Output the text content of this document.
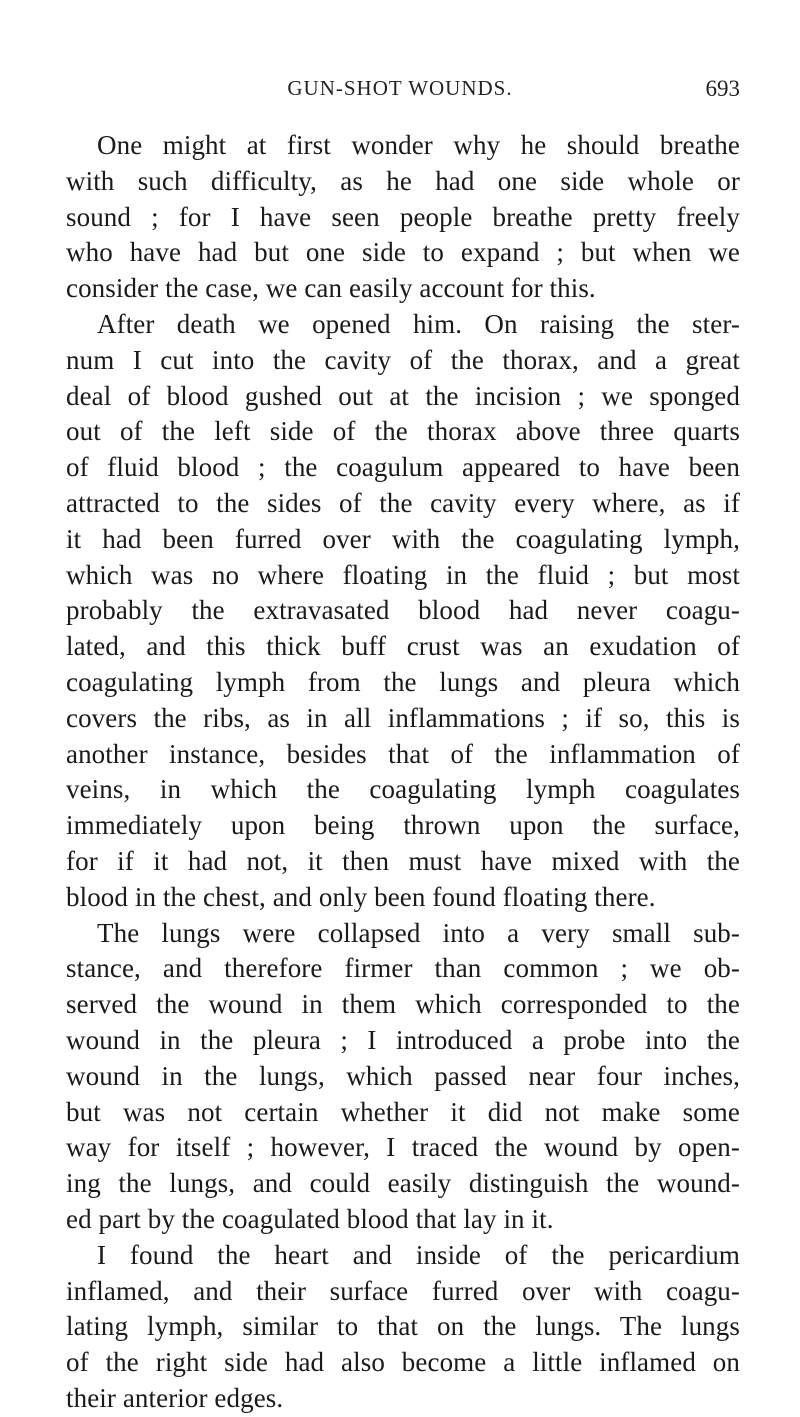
GUN-SHOT WOUNDS.	693
One might at first wonder why he should breathe
with such difficulty, as he had one side whole or
sound ; for I have seen people breathe pretty freely
who have had but one side to expand ; but when we
consider the case, we can easily account for this.
After death we opened him. On raising the ster-
num I cut into the cavity of the thorax, and a great
deal of blood gushed out at the incision ; we sponged
out of the left side of the thorax above three quarts
of fluid blood ; the coagulum appeared to have been
attracted to the sides of the cavity every where, as if
it had been furred over with the coagulating lymph,
which was no where floating in the fluid ; but most
probably the extravasated blood had never coagu-
lated, and this thick buff crust was an exudation of
coagulating lymph from the lungs and pleura which
covers the ribs, as in all inflammations ; if so, this is
another instance, besides that of the inflammation of
veins, in which the coagulating lymph coagulates
immediately upon being thrown upon the surface,
for if it had not, it then must have mixed with the
blood in the chest, and only been found floating there.
The lungs were collapsed into a very small sub-
stance, and therefore firmer than common ; we ob-
served the wound in them which corresponded to the
wound in the pleura ; I introduced a probe into the
wound in the lungs, which passed near four inches,
but was not certain whether it did not make some
way for itself ; however, I traced the wound by open-
ing the lungs, and could easily distinguish the wound-
ed part by the coagulated blood that lay in it.
I found the heart and inside of the pericardium
inflamed, and their surface furred over with coagu-
lating lymph, similar to that on the lungs. The lungs
of the right side had also become a little inflamed on
their anterior edges.
